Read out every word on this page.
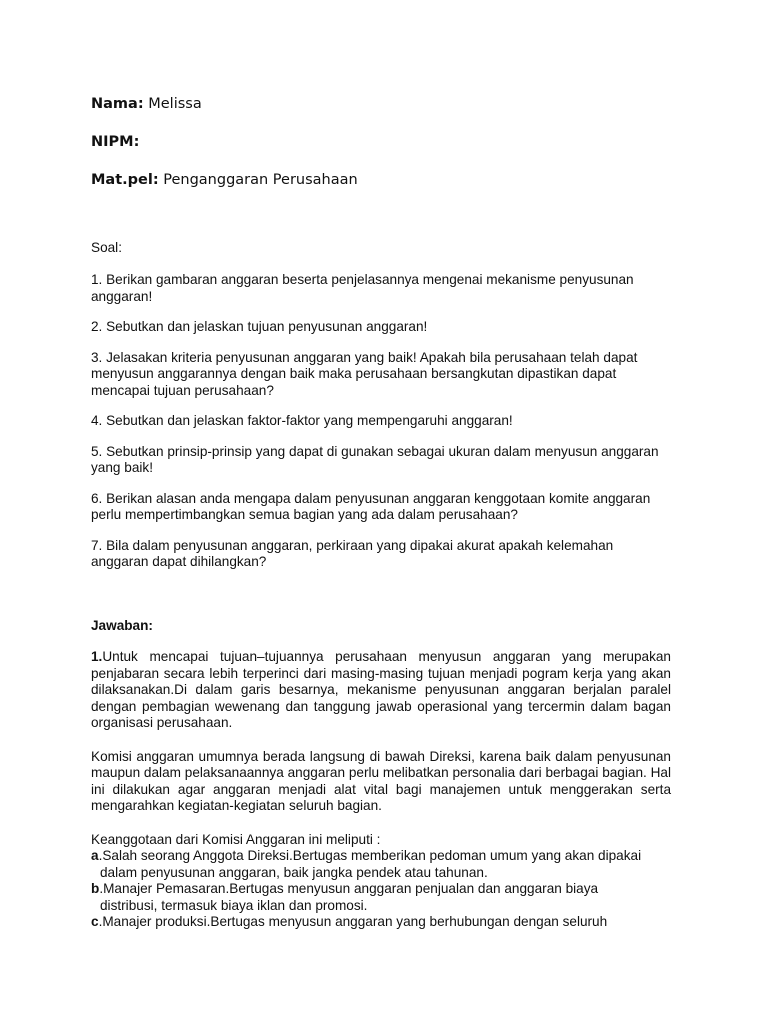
Nama: Melissa

NIPM:

Mat.pel: Penganggaran Perusahaan

Soal:

1. Berikan gambaran anggaran beserta penjelasannya mengenai mekanisme penyusunan anggaran!

2. Sebutkan dan jelaskan tujuan penyusunan anggaran!

3. Jelasakan kriteria penyusunan anggaran yang baik! Apakah bila perusahaan telah dapat menyusun anggarannya dengan baik maka perusahaan bersangkutan dipastikan dapat mencapai tujuan perusahaan?

4. Sebutkan dan jelaskan faktor-faktor yang mempengaruhi anggaran!

5. Sebutkan prinsip-prinsip yang dapat di gunakan sebagai ukuran dalam menyusun anggaran yang baik!

6. Berikan alasan anda mengapa dalam penyusunan anggaran kenggotaan komite anggaran perlu mempertimbangkan semua bagian yang ada dalam perusahaan?

7. Bila dalam penyusunan anggaran, perkiraan yang dipakai akurat apakah kelemahan anggaran dapat dihilangkan?

Jawaban:

1.Untuk mencapai tujuan–tujuannya perusahaan menyusun anggaran yang merupakan penjabaran secara lebih terperinci dari masing-masing tujuan menjadi pogram kerja yang akan dilaksanakan.Di dalam garis besarnya, mekanisme penyusunan anggaran berjalan paralel dengan pembagian wewenang dan tanggung jawab operasional yang tercermin dalam bagan organisasi perusahaan.

Komisi anggaran umumnya berada langsung di bawah Direksi, karena baik dalam penyusunan maupun dalam pelaksanaannya anggaran perlu melibatkan personalia dari berbagai bagian. Hal ini dilakukan agar anggaran menjadi alat vital bagi manajemen untuk menggerakan serta mengarahkan kegiatan-kegiatan seluruh bagian.

Keanggotaan dari Komisi Anggaran ini meliputi :

a.Salah seorang Anggota Direksi.Bertugas memberikan pedoman umum yang akan dipakai
dalam penyusunan anggaran, baik jangka pendek atau tahunan.

b.Manajer Pemasaran.Bertugas menyusun anggaran penjualan dan anggaran biaya
distribusi, termasuk biaya iklan dan promosi.

c.Manajer produksi.Bertugas menyusun anggaran yang berhubungan dengan seluruh
